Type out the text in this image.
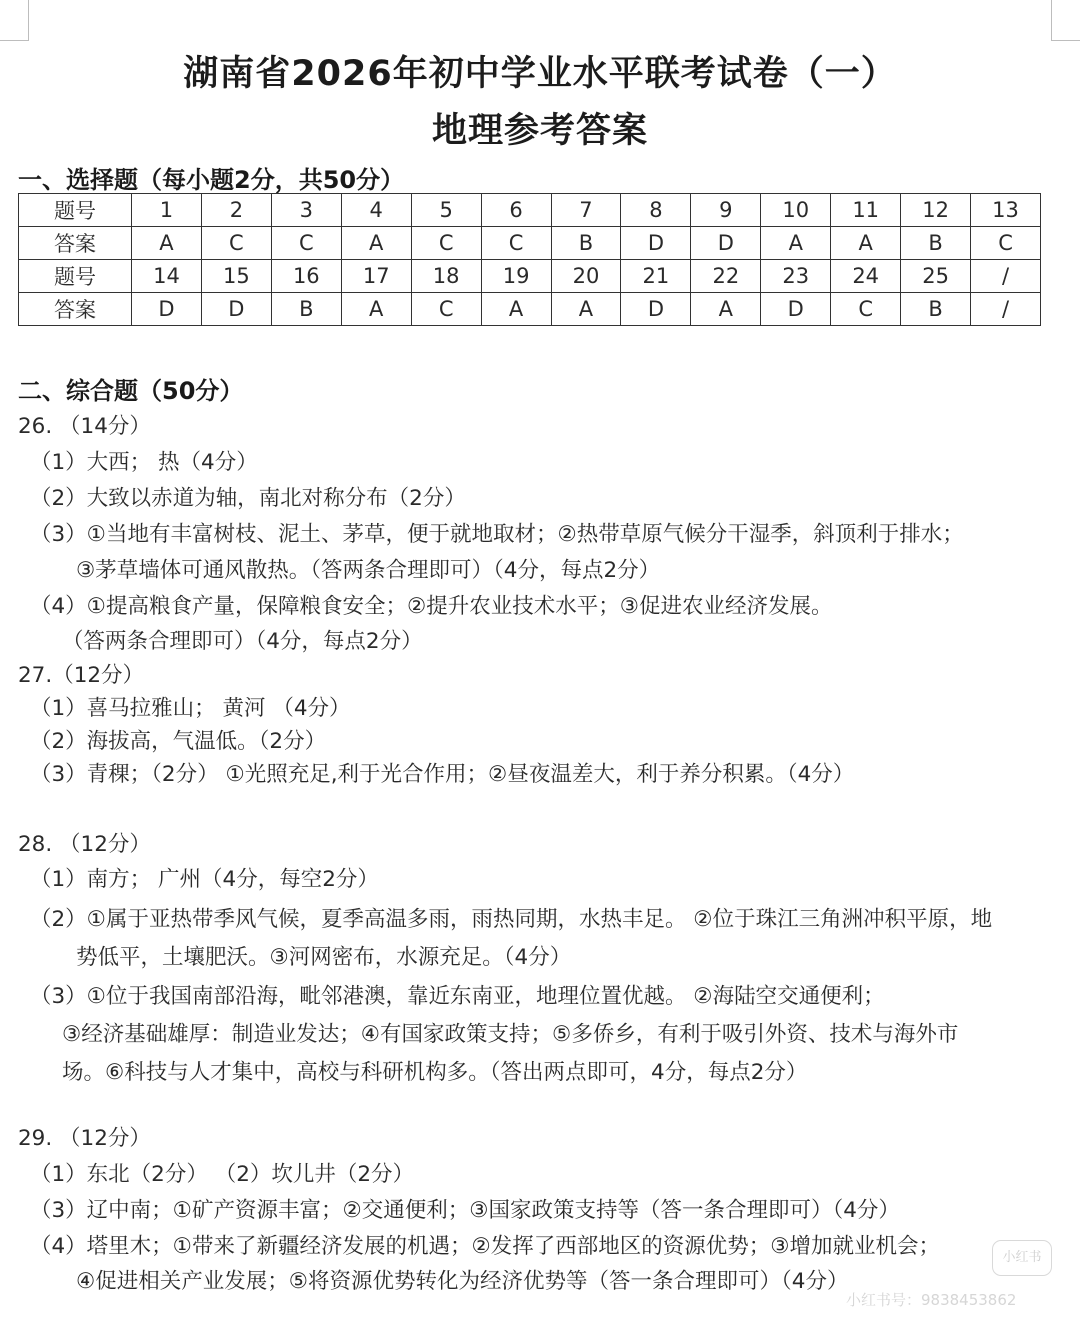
湖南省2026年初中学业水平联考试卷（一）
地理参考答案
一、选择题（每小题2分，共50分）
题号	1	2	3	4	5	6	7	8	9	10	11	12	13
答案	A	C	C	A	C	C	B	D	D	A	A	B	C
题号	14	15	16	17	18	19	20	21	22	23	24	25	/
答案	D	D	B	A	C	A	A	D	A	D	C	B	/
二、综合题（50分）
26. （14分）
（1）大西； 热（4分）
（2）大致以赤道为轴，南北对称分布（2分）
（3）①当地有丰富树枝、泥土、茅草，便于就地取材；②热带草原气候分干湿季，斜顶利于排水；
③茅草墙体可通风散热。（答两条合理即可）（4分，每点2分）
（4）①提高粮食产量，保障粮食安全；②提升农业技术水平；③促进农业经济发展。
（答两条合理即可）（4分，每点2分）
27.（12分）
（1）喜马拉雅山； 黄河 （4分）
（2）海拔高，气温低。（2分）
（3）青稞；（2分） ①光照充足,利于光合作用；②昼夜温差大，利于养分积累。（4分）
28. （12分）
（1）南方； 广州（4分，每空2分）
（2）①属于亚热带季风气候，夏季高温多雨，雨热同期，水热丰足。 ②位于珠江三角洲冲积平原，地
势低平，土壤肥沃。③河网密布，水源充足。（4分）
（3）①位于我国南部沿海，毗邻港澳，靠近东南亚，地理位置优越。 ②海陆空交通便利；
③经济基础雄厚：制造业发达；④有国家政策支持；⑤多侨乡，有利于吸引外资、技术与海外市
场。⑥科技与人才集中，高校与科研机构多。（答出两点即可，4分，每点2分）
29. （12分）
（1）东北（2分） （2）坎儿井（2分）
（3）辽中南；①矿产资源丰富；②交通便利；③国家政策支持等（答一条合理即可）（4分）
（4）塔里木；①带来了新疆经济发展的机遇；②发挥了西部地区的资源优势；③增加就业机会；
④促进相关产业发展；⑤将资源优势转化为经济优势等（答一条合理即可）（4分）
小红书
小红书号：9838453862
